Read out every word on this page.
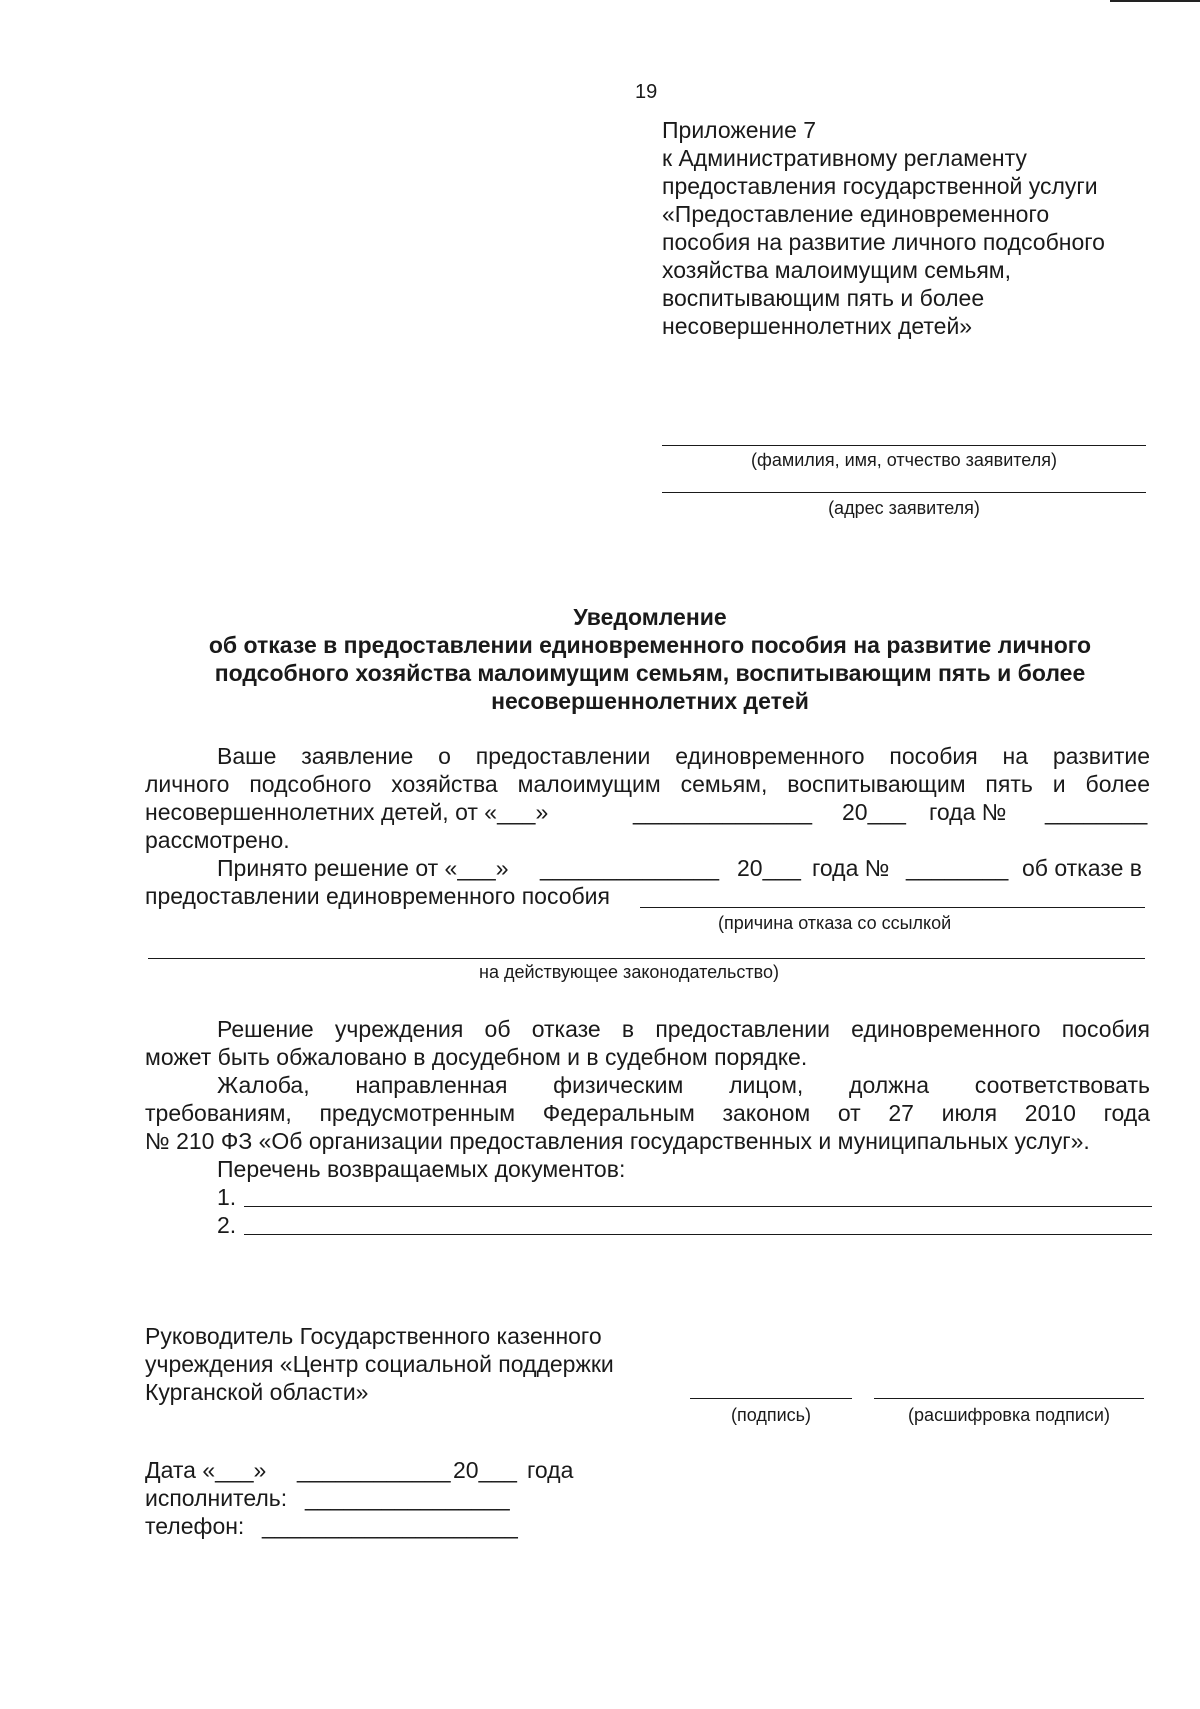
19
Приложение 7
к Административному регламенту
предоставления государственной услуги
«Предоставление единовременного
пособия на развитие личного подсобного
хозяйства малоимущим семьям,
воспитывающим пять и более
несовершеннолетних детей»
(фамилия, имя, отчество заявителя)
(адрес заявителя)
Уведомление
об отказе в предоставлении единовременного пособия на развитие личного
подсобного хозяйства малоимущим семьям, воспитывающим пять и более
несовершеннолетних детей
Ваше заявление о предоставлении единовременного пособия на развитие
личного подсобного хозяйства малоимущим семьям, воспитывающим пять и более
несовершеннолетних детей, от «___»	______________ 20___ года № ________
рассмотрено.
Принято решение от «___» ______________ 20___ года № ________ об отказе в
предоставлении единовременного пособия
(причина отказа со ссылкой
на действующее законодательство)
Решение учреждения об отказе в предоставлении единовременного пособия
может быть обжаловано в досудебном и в судебном порядке.
Жалоба, направленная физическим лицом, должна соответствовать
требованиям, предусмотренным Федеральным законом от 27 июля 2010 года
№ 210 ФЗ «Об организации предоставления государственных и муниципальных услуг».
Перечень возвращаемых документов:
1.
2.
Руководитель Государственного казенного
учреждения «Центр социальной поддержки
Курганской области»
(подпись)	(расшифровка подписи)
Дата «___» ____________ 20___ года
исполнитель: ________________
телефон: ____________________
